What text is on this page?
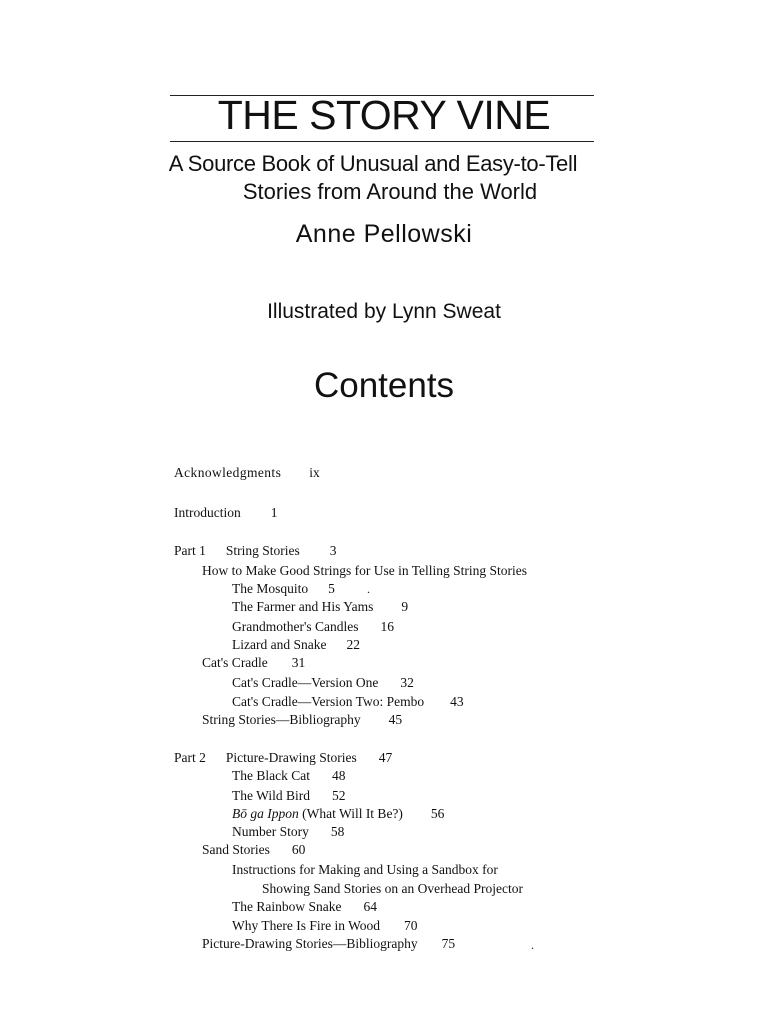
THE STORY VINE
A Source Book of Unusual and Easy-to-Tell
Stories from Around the World
Anne Pellowski
Illustrated by Lynn Sweat
Contents
Acknowledgments ix
Introduction 1
Part 1 String Stories 3
How to Make Good Strings for Use in Telling String Stories
The Mosquito 5	.
The Farmer and His Yams 9
Grandmother's Candles 16
Lizard and Snake 22
Cat's Cradle 31
Cat's Cradle—Version One 32
Cat's Cradle—Version Two: Pembo 43
String Stories—Bibliography 45
Part 2 Picture-Drawing Stories 47
The Black Cat 48
The Wild Bird 52
Bō ga Ippon (What Will It Be?) 56
Number Story 58
Sand Stories 60
Instructions for Making and Using a Sandbox for
Showing Sand Stories on an Overhead Projector
The Rainbow Snake 64
Why There Is Fire in Wood 70
Picture-Drawing Stories—Bibliography 75	.
